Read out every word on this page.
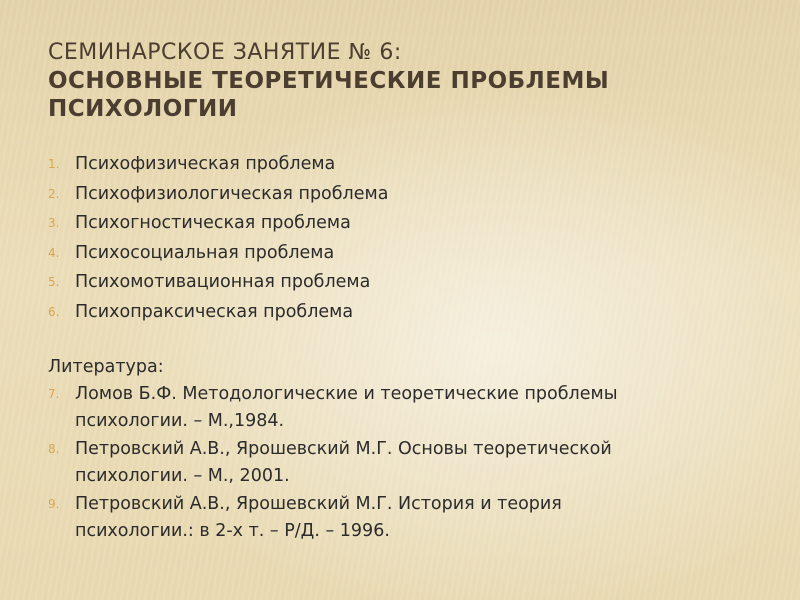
СЕМИНАРСКОЕ ЗАНЯТИЕ № 6:
ОСНОВНЫЕ ТЕОРЕТИЧЕСКИЕ ПРОБЛЕМЫ
ПСИХОЛОГИИ
1. Психофизическая проблема
2. Психофизиологическая проблема
3. Психогностическая проблема
4. Психосоциальная проблема
5. Психомотивационная проблема
6. Психопраксическая проблема
Литература:
7. Ломов Б.Ф. Методологические и теоретические проблемы
психологии. – М.,1984.
8. Петровский А.В., Ярошевский М.Г. Основы теоретической
психологии. – М., 2001.
9. Петровский А.В., Ярошевский М.Г. История и теория
психологии.: в 2-х т. – Р/Д. – 1996.
